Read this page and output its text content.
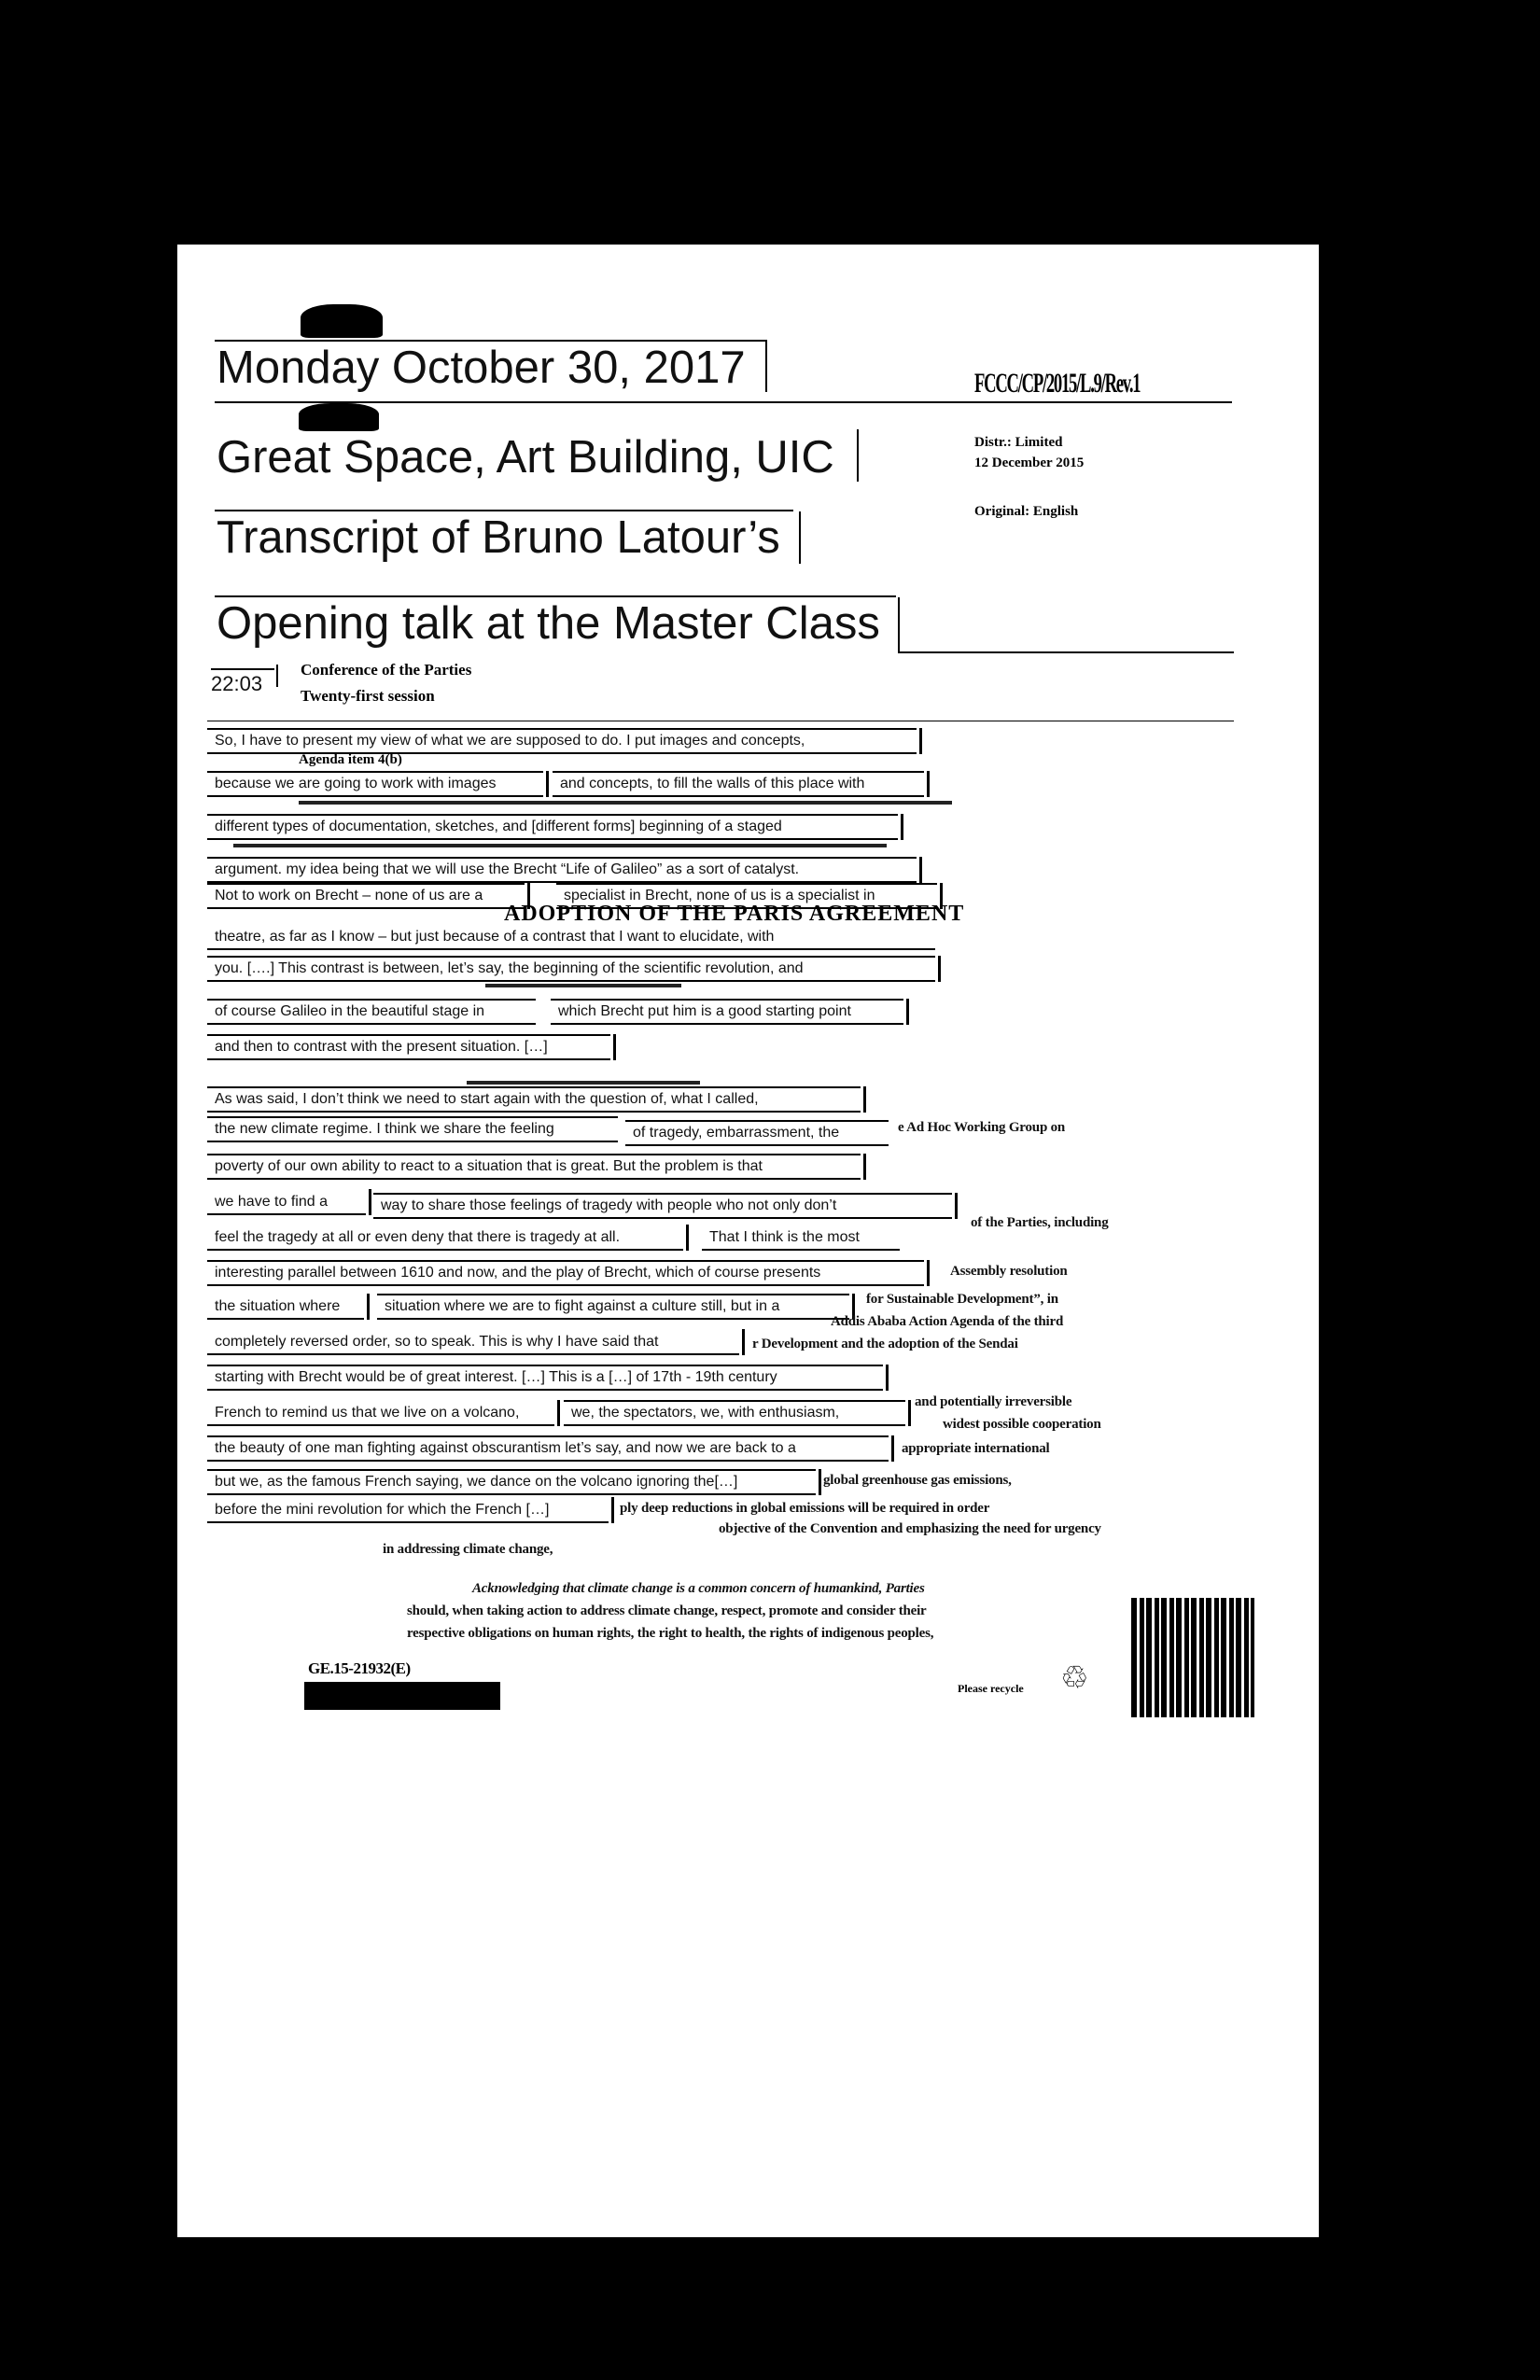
Monday October 30, 2017
Great Space, Art Building, UIC
Transcript of Bruno Latour’s
Opening talk at the Master Class
FCCC/CP/2015/L.9/Rev.1
Distr.: Limited
12 December 2015
Original: English
22:03
Conference of the Parties
Twenty-first session
So, I have to present my view of what we are supposed to do. I put images and concepts,
Agenda item 4(b)
because we are going to work with images	and concepts, to fill the walls of this place with
different types of documentation, sketches, and [different forms] beginning of a staged
argument. my idea being that we will use the Brecht “Life of Galileo” as a sort of catalyst.
Not to work on Brecht – none of us are a	specialist in Brecht, none of us is a specialist in
ADOPTION OF THE PARIS AGREEMENT
theatre, as far as I know – but just because of a contrast that I want to elucidate, with
you. [….] This contrast is between, let’s say, the beginning of the scientific revolution, and
of course Galileo in the beautiful stage in	which Brecht put him is a good starting point
and then to contrast with the present situation. […]
As was said, I don’t think we need to start again with the question of, what I called,
the new climate regime. I think we share the feeling	of tragedy, embarrassment, the	e Ad Hoc Working Group on
poverty of our own ability to react to a situation that is great. But the problem is that
we have to find a	way to share those feelings of tragedy with people who not only don’t
of the Parties, including
feel the tragedy at all or even deny that there is tragedy at all.	That I think is the most
interesting parallel between 1610 and now, and the play of Brecht, which of course presents	Assembly resolution
the situation where	situation where we are to fight against a culture still, but in a	for Sustainable Development”, in
completely reversed order, so to speak. This is why I have said that
Addis Ababa Action Agenda of the third
r Development and the adoption of the Sendai
starting with Brecht would be of great interest. […] This is a […] of 17th - 19th century
French to remind us that we live on a volcano,	we, the spectators, we, with enthusiasm,
and potentially irreversible
widest possible cooperation
the beauty of one man fighting against obscurantism let’s say, and now we are back to a	appropriate international
but we, as the famous French saying, we dance on the volcano ignoring the[…]	global greenhouse gas emissions,
before the mini revolution for which the French […]	ply deep reductions in global emissions will be required in order
objective of the Convention and emphasizing the need for urgency
in addressing climate change,
Acknowledging that climate change is a common concern of humankind, Parties
should, when taking action to address climate change, respect, promote and consider their
respective obligations on human rights, the right to health, the rights of indigenous peoples,
GE.15-21932(E)
Please recycle ♲
